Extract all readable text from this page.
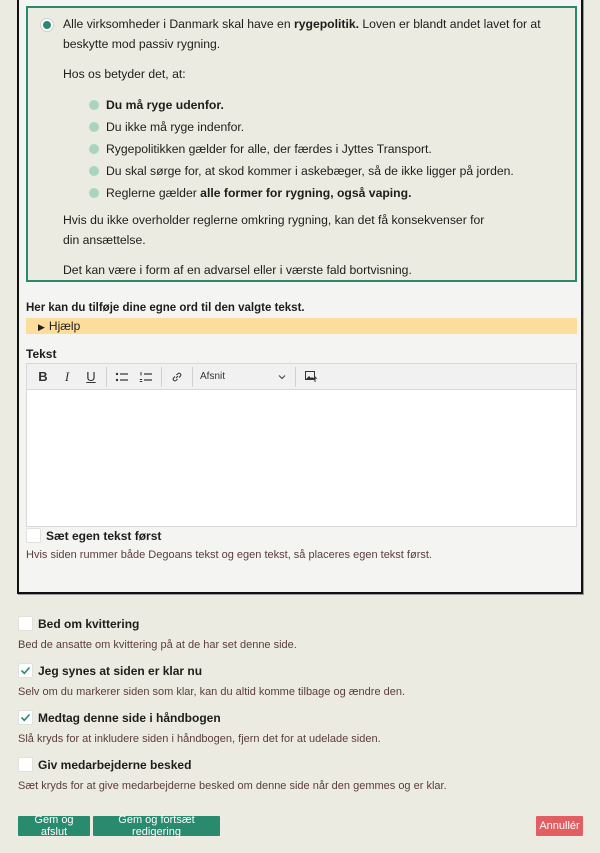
Alle virksomheder i Danmark skal have en rygepolitik. Loven er blandt andet lavet for at beskytte mod passiv rygning.

Hos os betyder det, at:

Du må ryge udenfor.
Du ikke må ryge indenfor.
Rygepolitikken gælder for alle, der færdes i Jyttes Transport.
Du skal sørge for, at skod kommer i askebæger, så de ikke ligger på jorden.
Reglerne gælder alle former for rygning, også vaping.

Hvis du ikke overholder reglerne omkring rygning, kan det få konsekvenser for din ansættelse.

Det kan være i form af en advarsel eller i værste fald bortvisning.

Her kan du tilføje dine egne ord til den valgte tekst.
▶ Hjælp
Tekst
B I U	Afsnit
Sæt egen tekst først
Hvis siden rummer både Degoans tekst og egen tekst, så placeres egen tekst først.
Bed om kvittering
Bed de ansatte om kvittering på at de har set denne side.
Jeg synes at siden er klar nu
Selv om du markerer siden som klar, kan du altid komme tilbage og ændre den.
Medtag denne side i håndbogen
Slå kryds for at inkludere siden i håndbogen, fjern det for at udelade siden.
Giv medarbejderne besked
Sæt kryds for at give medarbejderne besked om denne side når den gemmes og er klar.
Gem og afslut
Gem og fortsæt redigering	Annullér
